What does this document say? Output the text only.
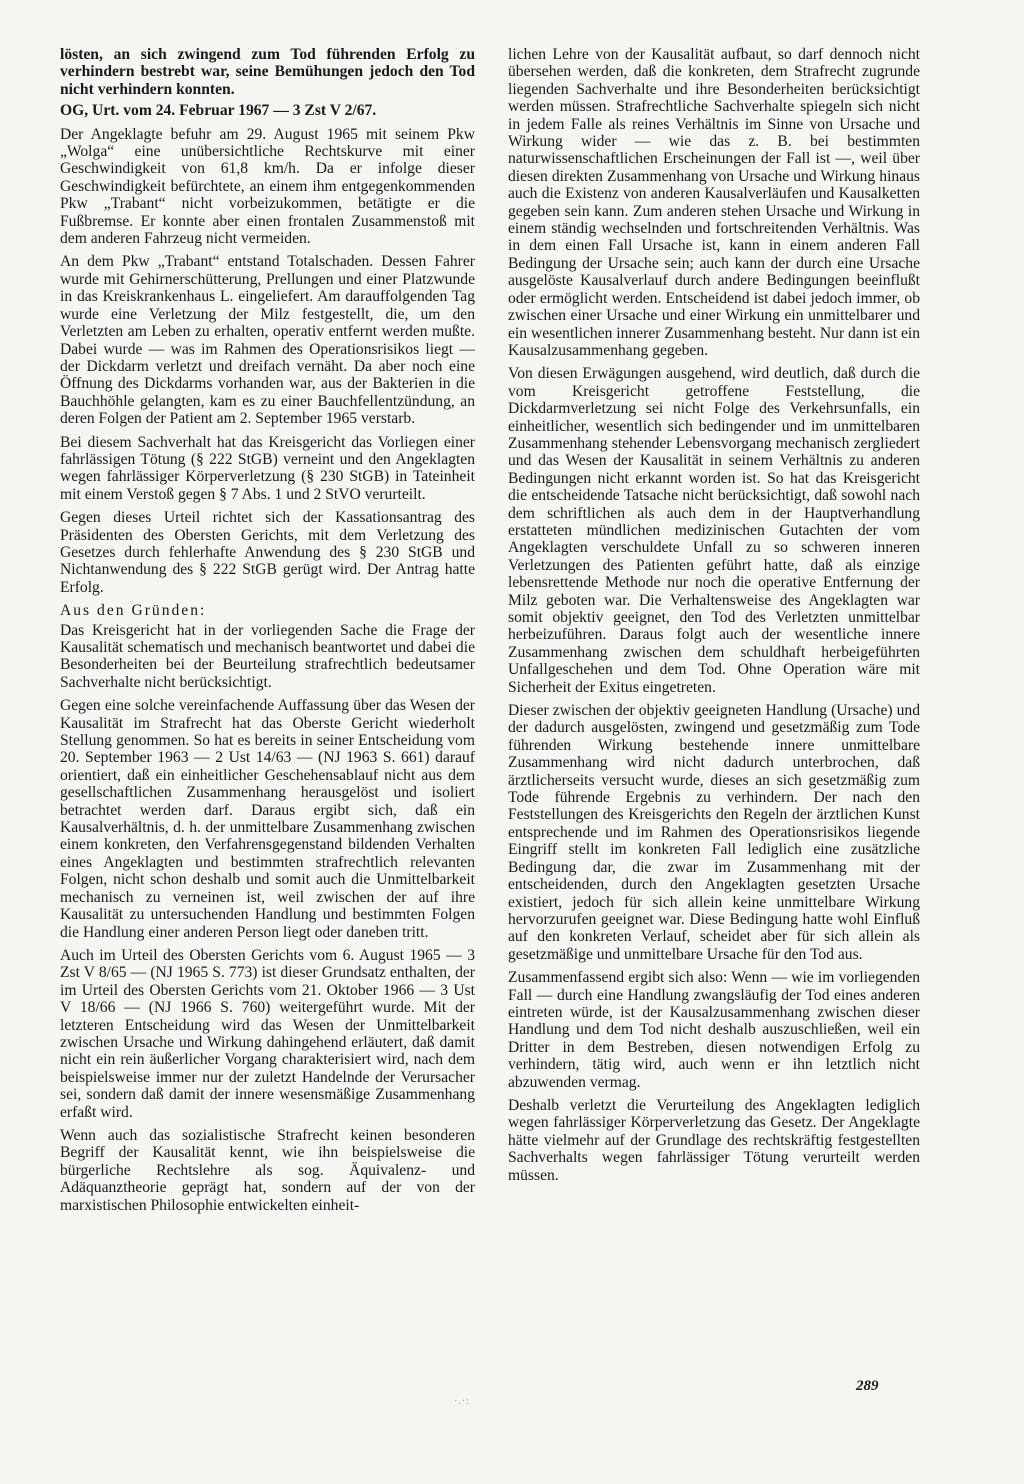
lösten, an sich zwingend zum Tod führenden Erfolg zu verhindern bestrebt war, seine Bemühungen jedoch den Tod nicht verhindern konnten.

OG, Urt. vom 24. Februar 1967 — 3 Zst V 2/67.

Der Angeklagte befuhr am 29. August 1965 mit seinem Pkw „Wolga“ eine unübersichtliche Rechtskurve mit einer Geschwindigkeit von 61,8 km/h. Da er infolge dieser Geschwindigkeit befürchtete, an einem ihm entgegenkommenden Pkw „Trabant“ nicht vorbeizukommen, betätigte er die Fußbremse. Er konnte aber einen frontalen Zusammenstoß mit dem anderen Fahrzeug nicht vermeiden.

An dem Pkw „Trabant“ entstand Totalschaden. Dessen Fahrer wurde mit Gehirnerschütterung, Prellungen und einer Platzwunde in das Kreiskrankenhaus L. eingeliefert. Am darauffolgenden Tag wurde eine Verletzung der Milz festgestellt, die, um den Verletzten am Leben zu erhalten, operativ entfernt werden mußte. Dabei wurde — was im Rahmen des Operationsrisikos liegt — der Dickdarm verletzt und dreifach vernäht. Da aber noch eine Öffnung des Dickdarms vorhanden war, aus der Bakterien in die Bauchhöhle gelangten, kam es zu einer Bauchfellentzündung, an deren Folgen der Patient am 2. September 1965 verstarb.

Bei diesem Sachverhalt hat das Kreisgericht das Vorliegen einer fahrlässigen Tötung (§ 222 StGB) verneint und den Angeklagten wegen fahrlässiger Körperverletzung (§ 230 StGB) in Tateinheit mit einem Verstoß gegen § 7 Abs. 1 und 2 StVO verurteilt.

Gegen dieses Urteil richtet sich der Kassationsantrag des Präsidenten des Obersten Gerichts, mit dem Verletzung des Gesetzes durch fehlerhafte Anwendung des § 230 StGB und Nichtanwendung des § 222 StGB gerügt wird. Der Antrag hatte Erfolg.

Aus den Gründen:

Das Kreisgericht hat in der vorliegenden Sache die Frage der Kausalität schematisch und mechanisch beantwortet und dabei die Besonderheiten bei der Beurteilung strafrechtlich bedeutsamer Sachverhalte nicht berücksichtigt.

Gegen eine solche vereinfachende Auffassung über das Wesen der Kausalität im Strafrecht hat das Oberste Gericht wiederholt Stellung genommen. So hat es bereits in seiner Entscheidung vom 20. September 1963 — 2 Ust 14/63 — (NJ 1963 S. 661) darauf orientiert, daß ein einheitlicher Geschehensablauf nicht aus dem gesellschaftlichen Zusammenhang herausgelöst und isoliert betrachtet werden darf. Daraus ergibt sich, daß ein Kausalverhältnis, d. h. der unmittelbare Zusammenhang zwischen einem konkreten, den Verfahrensgegenstand bildenden Verhalten eines Angeklagten und bestimmten strafrechtlich relevanten Folgen, nicht schon deshalb und somit auch die Unmittelbarkeit mechanisch zu verneinen ist, weil zwischen der auf ihre Kausalität zu untersuchenden Handlung und bestimmten Folgen die Handlung einer anderen Person liegt oder daneben tritt.

Auch im Urteil des Obersten Gerichts vom 6. August 1965 — 3 Zst V 8/65 — (NJ 1965 S. 773) ist dieser Grundsatz enthalten, der im Urteil des Obersten Gerichts vom 21. Oktober 1966 — 3 Ust V 18/66 — (NJ 1966 S. 760) weitergeführt wurde. Mit der letzteren Entscheidung wird das Wesen der Unmittelbarkeit zwischen Ursache und Wirkung dahingehend erläutert, daß damit nicht ein rein äußerlicher Vorgang charakterisiert wird, nach dem beispielsweise immer nur der zuletzt Handelnde der Verursacher sei, sondern daß damit der innere wesensmäßige Zusammenhang erfaßt wird.

Wenn auch das sozialistische Strafrecht keinen besonderen Begriff der Kausalität kennt, wie ihn beispielsweise die bürgerliche Rechtslehre als sog. Äquivalenz- und Adäquanztheorie geprägt hat, sondern auf der von der marxistischen Philosophie entwickelten einheit-

lichen Lehre von der Kausalität aufbaut, so darf dennoch nicht übersehen werden, daß die konkreten, dem Strafrecht zugrunde liegenden Sachverhalte und ihre Besonderheiten berücksichtigt werden müssen. Strafrechtliche Sachverhalte spiegeln sich nicht in jedem Falle als reines Verhältnis im Sinne von Ursache und Wirkung wider — wie das z. B. bei bestimmten naturwissenschaftlichen Erscheinungen der Fall ist —, weil über diesen direkten Zusammenhang von Ursache und Wirkung hinaus auch die Existenz von anderen Kausalverläufen und Kausalketten gegeben sein kann. Zum anderen stehen Ursache und Wirkung in einem ständig wechselnden und fortschreitenden Verhältnis. Was in dem einen Fall Ursache ist, kann in einem anderen Fall Bedingung der Ursache sein; auch kann der durch eine Ursache ausgelöste Kausalverlauf durch andere Bedingungen beeinflußt oder ermöglicht werden. Entscheidend ist dabei jedoch immer, ob zwischen einer Ursache und einer Wirkung ein unmittelbarer und ein wesentlichen innerer Zusammenhang besteht. Nur dann ist ein Kausalzusammenhang gegeben.

Von diesen Erwägungen ausgehend, wird deutlich, daß durch die vom Kreisgericht getroffene Feststellung, die Dickdarmverletzung sei nicht Folge des Verkehrsunfalls, ein einheitlicher, wesentlich sich bedingender und im unmittelbaren Zusammenhang stehender Lebensvorgang mechanisch zergliedert und das Wesen der Kausalität in seinem Verhältnis zu anderen Bedingungen nicht erkannt worden ist. So hat das Kreisgericht die entscheidende Tatsache nicht berücksichtigt, daß sowohl nach dem schriftlichen als auch dem in der Hauptverhandlung erstatteten mündlichen medizinischen Gutachten der vom Angeklagten verschuldete Unfall zu so schweren inneren Verletzungen des Patienten geführt hatte, daß als einzige lebensrettende Methode nur noch die operative Entfernung der Milz geboten war. Die Verhaltensweise des Angeklagten war somit objektiv geeignet, den Tod des Verletzten unmittelbar herbeizuführen. Daraus folgt auch der wesentliche innere Zusammenhang zwischen dem schuldhaft herbeigeführten Unfallgeschehen und dem Tod. Ohne Operation wäre mit Sicherheit der Exitus eingetreten.

Dieser zwischen der objektiv geeigneten Handlung (Ursache) und der dadurch ausgelösten, zwingend und gesetzmäßig zum Tode führenden Wirkung bestehende innere unmittelbare Zusammenhang wird nicht dadurch unterbrochen, daß ärztlicherseits versucht wurde, dieses an sich gesetzmäßig zum Tode führende Ergebnis zu verhindern. Der nach den Feststellungen des Kreisgerichts den Regeln der ärztlichen Kunst entsprechende und im Rahmen des Operationsrisikos liegende Eingriff stellt im konkreten Fall lediglich eine zusätzliche Bedingung dar, die zwar im Zusammenhang mit der entscheidenden, durch den Angeklagten gesetzten Ursache existiert, jedoch für sich allein keine unmittelbare Wirkung hervorzurufen geeignet war. Diese Bedingung hatte wohl Einfluß auf den konkreten Verlauf, scheidet aber für sich allein als gesetzmäßige und unmittelbare Ursache für den Tod aus.

Zusammenfassend ergibt sich also: Wenn — wie im vorliegenden Fall — durch eine Handlung zwangsläufig der Tod eines anderen eintreten würde, ist der Kausalzusammenhang zwischen dieser Handlung und dem Tod nicht deshalb auszuschließen, weil ein Dritter in dem Bestreben, diesen notwendigen Erfolg zu verhindern, tätig wird, auch wenn er ihn letztlich nicht abzuwenden vermag.

Deshalb verletzt die Verurteilung des Angeklagten lediglich wegen fahrlässiger Körperverletzung das Gesetz. Der Angeklagte hätte vielmehr auf der Grundlage des rechtskräftig festgestellten Sachverhalts wegen fahrlässiger Tötung verurteilt werden müssen.

289
·.·:
